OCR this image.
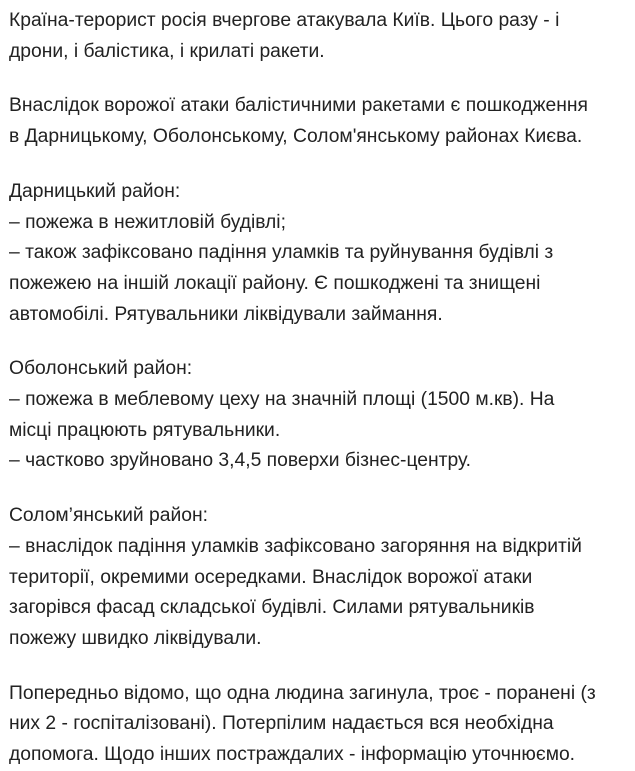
Країна-терорист росія вчергове атакувала Київ. Цього разу - і
дрони, і балістика, і крилаті ракети.
Внаслідок ворожої атаки балістичними ракетами є пошкодження
в Дарницькому, Оболонському, Солом'янському районах Києва.
Дарницький район:
– пожежа в нежитловій будівлі;
– також зафіксовано падіння уламків та руйнування будівлі з
пожежею на іншій локації району. Є пошкоджені та знищені
автомобілі. Рятувальники ліквідували займання.
Оболонський район:
– пожежа в меблевому цеху на значній площі (1500 м.кв). На
місці працюють рятувальники.
– частково зруйновано 3,4,5 поверхи бізнес-центру.
Солом’янський район:
– внаслідок падіння уламків зафіксовано загоряння на відкритій
території, окремими осередками. Внаслідок ворожої атаки
загорівся фасад складської будівлі. Силами рятувальників
пожежу швидко ліквідували.
Попередньо відомо, що одна людина загинула, троє - поранені (з
них 2 - госпіталізовані). Потерпілим надається вся необхідна
допомога. Щодо інших постраждалих - інформацію уточнюємо.
